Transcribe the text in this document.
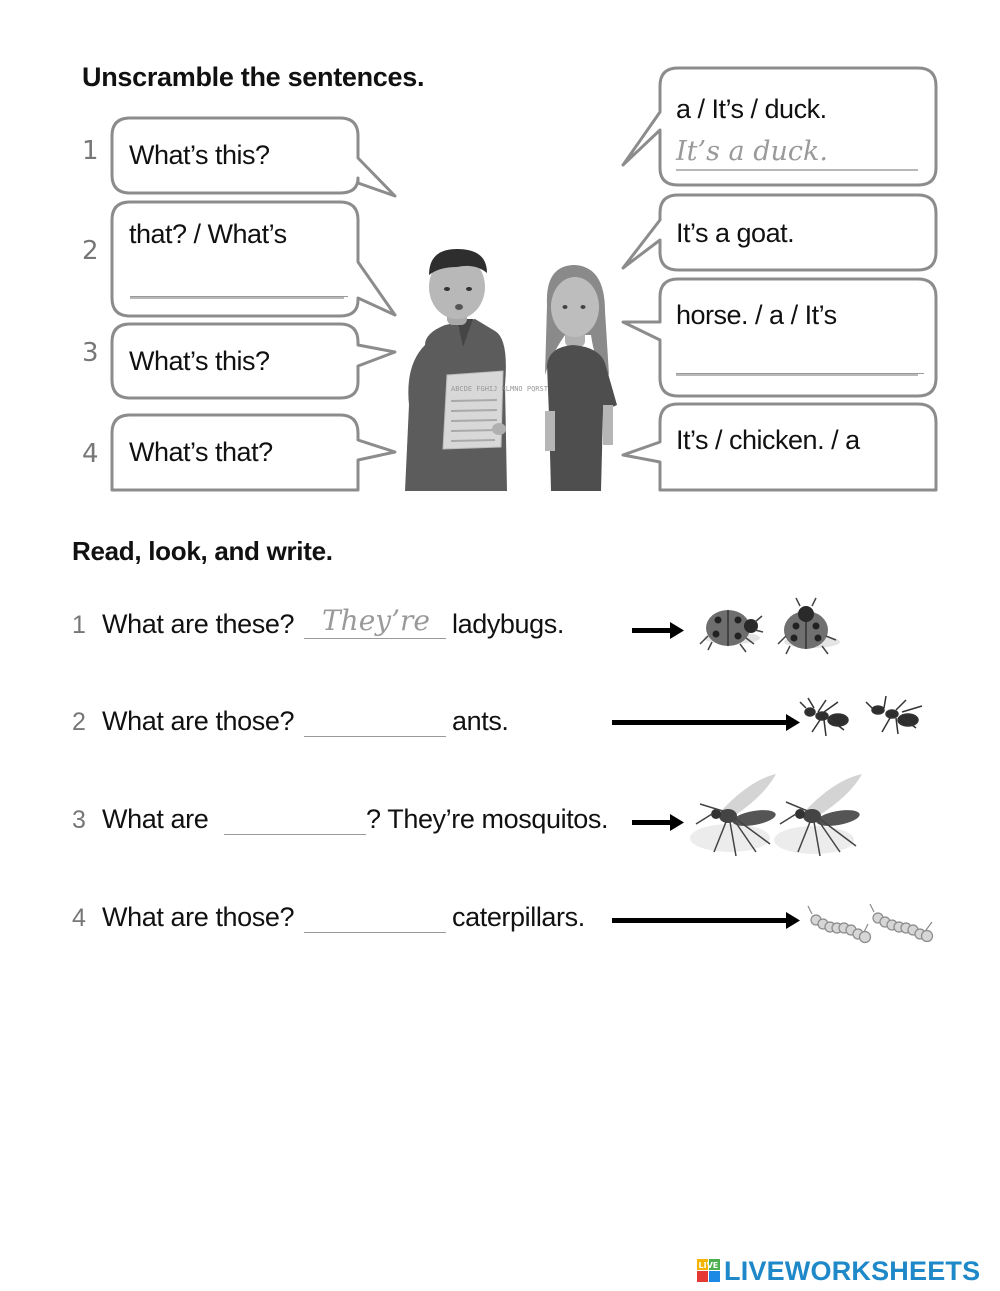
Unscramble the sentences.
1
2
3
4
What’s this?
that? / What’s
What’s this?
What’s that?
a / It’s / duck.
It’s a duck.
It’s a goat.
horse. / a / It’s
It’s / chicken. / a
ABCDE FGHIJ KLMNO PQRST
Read, look, and write.
1 What are these? They’re ladybugs.
2 What are those?	ants.
3 What are	? They’re mosquitos.
4 What are those?	caterpillars.
LIVE LIVEWORKSHEETS
